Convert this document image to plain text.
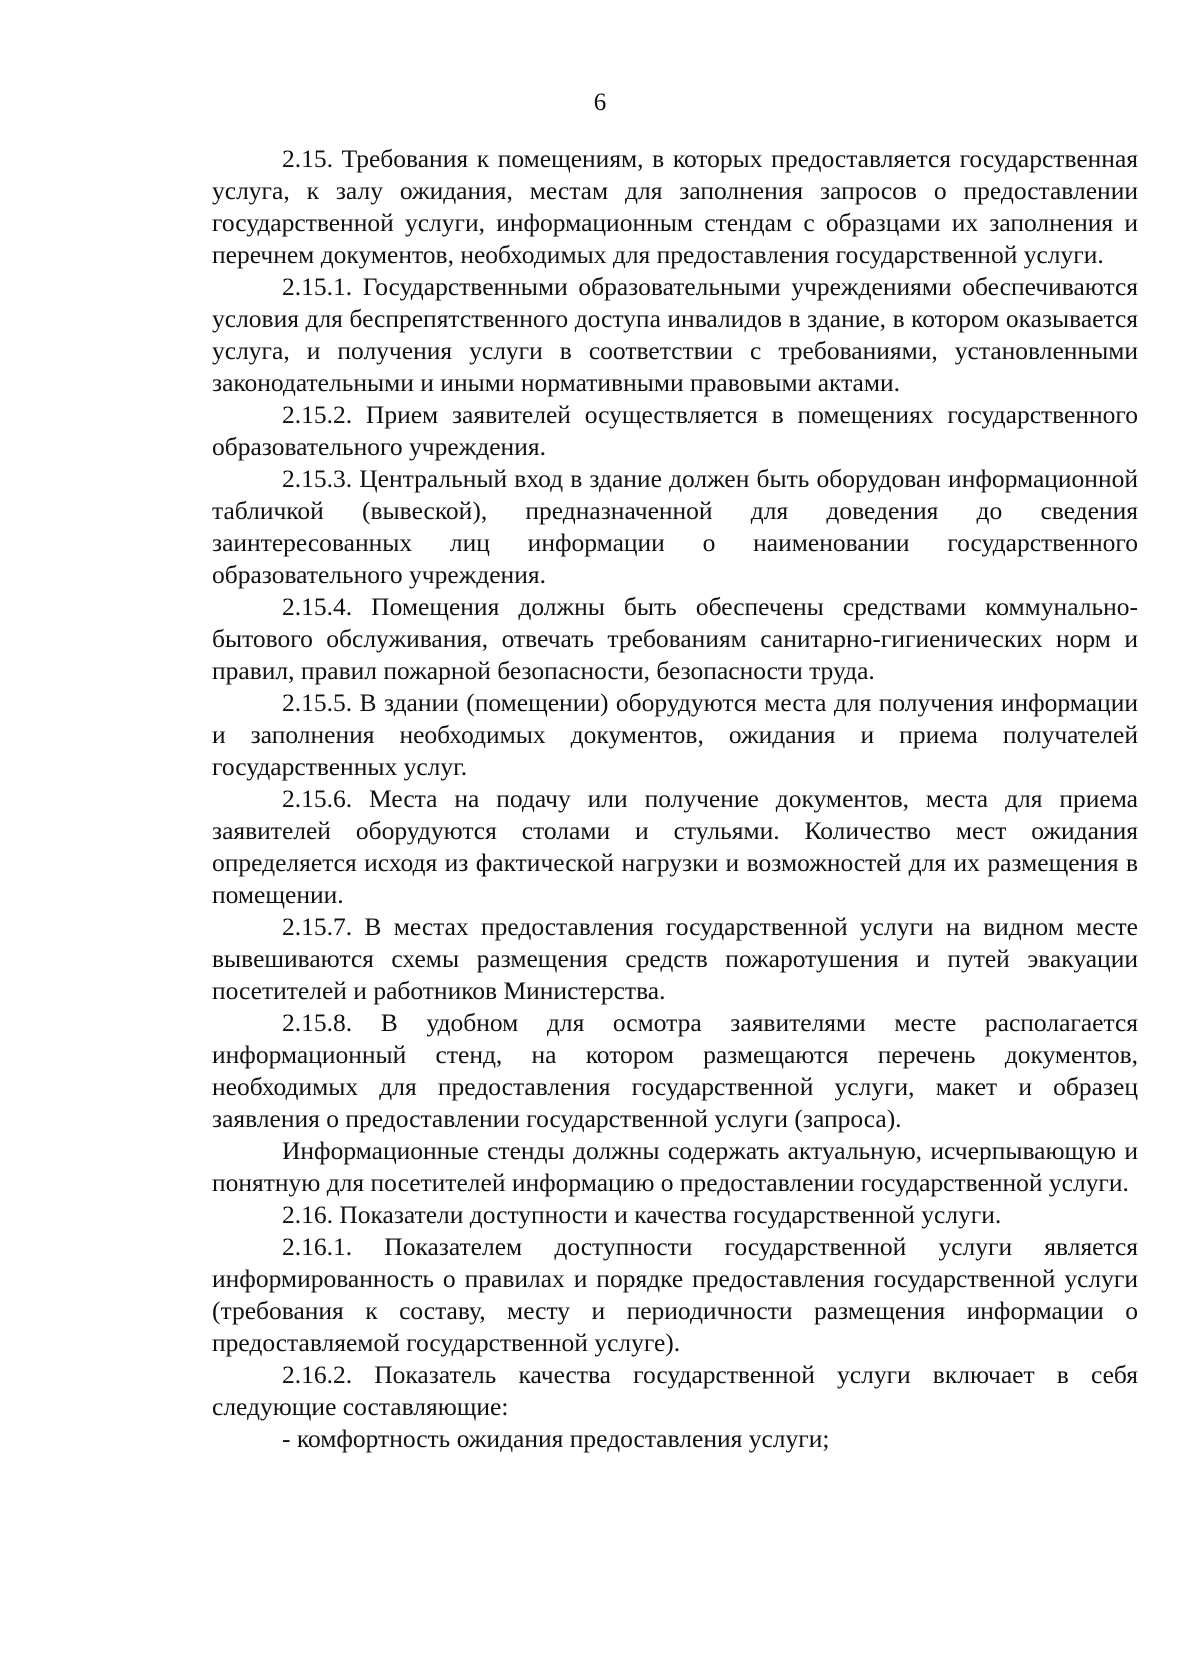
6

2.15. Требования к помещениям, в которых предоставляется государственная услуга, к залу ожидания, местам для заполнения запросов о предоставлении государственной услуги, информационным стендам с образцами их заполнения и перечнем документов, необходимых для предоставления государственной услуги.

2.15.1. Государственными образовательными учреждениями обеспечиваются условия для беспрепятственного доступа инвалидов в здание, в котором оказывается услуга, и получения услуги в соответствии с требованиями, установленными законодательными и иными нормативными правовыми актами.

2.15.2. Прием заявителей осуществляется в помещениях государственного образовательного учреждения.

2.15.3. Центральный вход в здание должен быть оборудован информационной табличкой (вывеской), предназначенной для доведения до сведения заинтересованных лиц информации о наименовании государственного образовательного учреждения.

2.15.4. Помещения должны быть обеспечены средствами коммунально-бытового обслуживания, отвечать требованиям санитарно-гигиенических норм и правил, правил пожарной безопасности, безопасности труда.

2.15.5. В здании (помещении) оборудуются места для получения информации и заполнения необходимых документов, ожидания и приема получателей государственных услуг.

2.15.6. Места на подачу или получение документов, места для приема заявителей оборудуются столами и стульями. Количество мест ожидания определяется исходя из фактической нагрузки и возможностей для их размещения в помещении.

2.15.7. В местах предоставления государственной услуги на видном месте вывешиваются схемы размещения средств пожаротушения и путей эвакуации посетителей и работников Министерства.

2.15.8. В удобном для осмотра заявителями месте располагается информационный стенд, на котором размещаются перечень документов, необходимых для предоставления государственной услуги, макет и образец заявления о предоставлении государственной услуги (запроса).

Информационные стенды должны содержать актуальную, исчерпывающую и понятную для посетителей информацию о предоставлении государственной услуги.

2.16. Показатели доступности и качества государственной услуги.

2.16.1. Показателем доступности государственной услуги является информированность о правилах и порядке предоставления государственной услуги (требования к составу, месту и периодичности размещения информации о предоставляемой государственной услуге).

2.16.2. Показатель качества государственной услуги включает в себя следующие составляющие:

- комфортность ожидания предоставления услуги;
